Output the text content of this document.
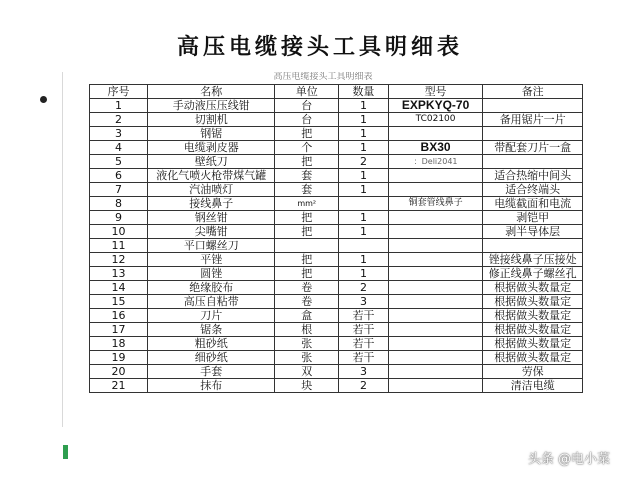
高压电缆接头工具明细表
高压电缆接头工具明细表
序号	名称	单位	数量	型号	备注
1	手动液压压线钳	台	1	EXPKYQ-70	
2	切割机	台	1	TC02100	备用锯片一片
3	钢锯	把	1		
4	电缆剥皮器	个	1	BX30	带配套刀片一盒
5	壁纸刀	把	2	：Deli2041	
6	液化气喷火枪带煤气罐	套	1		适合热缩中间头
7	汽油喷灯	套	1		适合终端头
8	接线鼻子	mm²		铜套管线鼻子	电缆截面和电流
9	钢丝钳	把	1		剥铠甲
10	尖嘴钳	把	1		剥半导体层
11	平口螺丝刀				
12	平锉	把	1		锉接线鼻子压接处
13	圆锉	把	1		修正线鼻子螺丝孔
14	绝缘胶布	卷	2		根据做头数量定
15	高压自粘带	卷	3		根据做头数量定
16	刀片	盒	若干		根据做头数量定
17	锯条	根	若干		根据做头数量定
18	粗砂纸	张	若干		根据做头数量定
19	细砂纸	张	若干		根据做头数量定
20	手套	双	3		劳保
21	抹布	块	2		清洁电缆
头条 @电小菜
